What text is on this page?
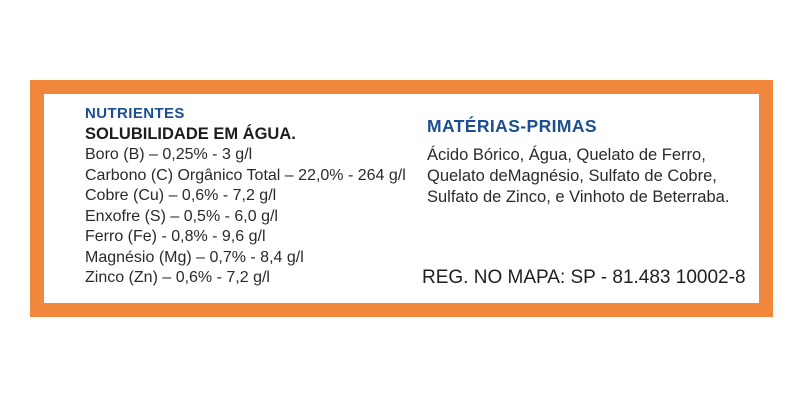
NUTRIENTES
SOLUBILIDADE EM ÁGUA.
Boro (B) – 0,25% - 3 g/l
Carbono (C) Orgânico Total – 22,0% - 264 g/l
Cobre (Cu) – 0,6% - 7,2 g/l
Enxofre (S) – 0,5% - 6,0 g/l
Ferro (Fe) - 0,8% - 9,6 g/l
Magnésio (Mg) – 0,7% - 8,4 g/l
Zinco (Zn) – 0,6% - 7,2 g/l
MATÉRIAS-PRIMAS
Ácido Bórico, Água, Quelato de Ferro,
Quelato deMagnésio, Sulfato de Cobre,
Sulfato de Zinco, e Vinhoto de Beterraba.
REG. NO MAPA: SP - 81.483 10002-8
